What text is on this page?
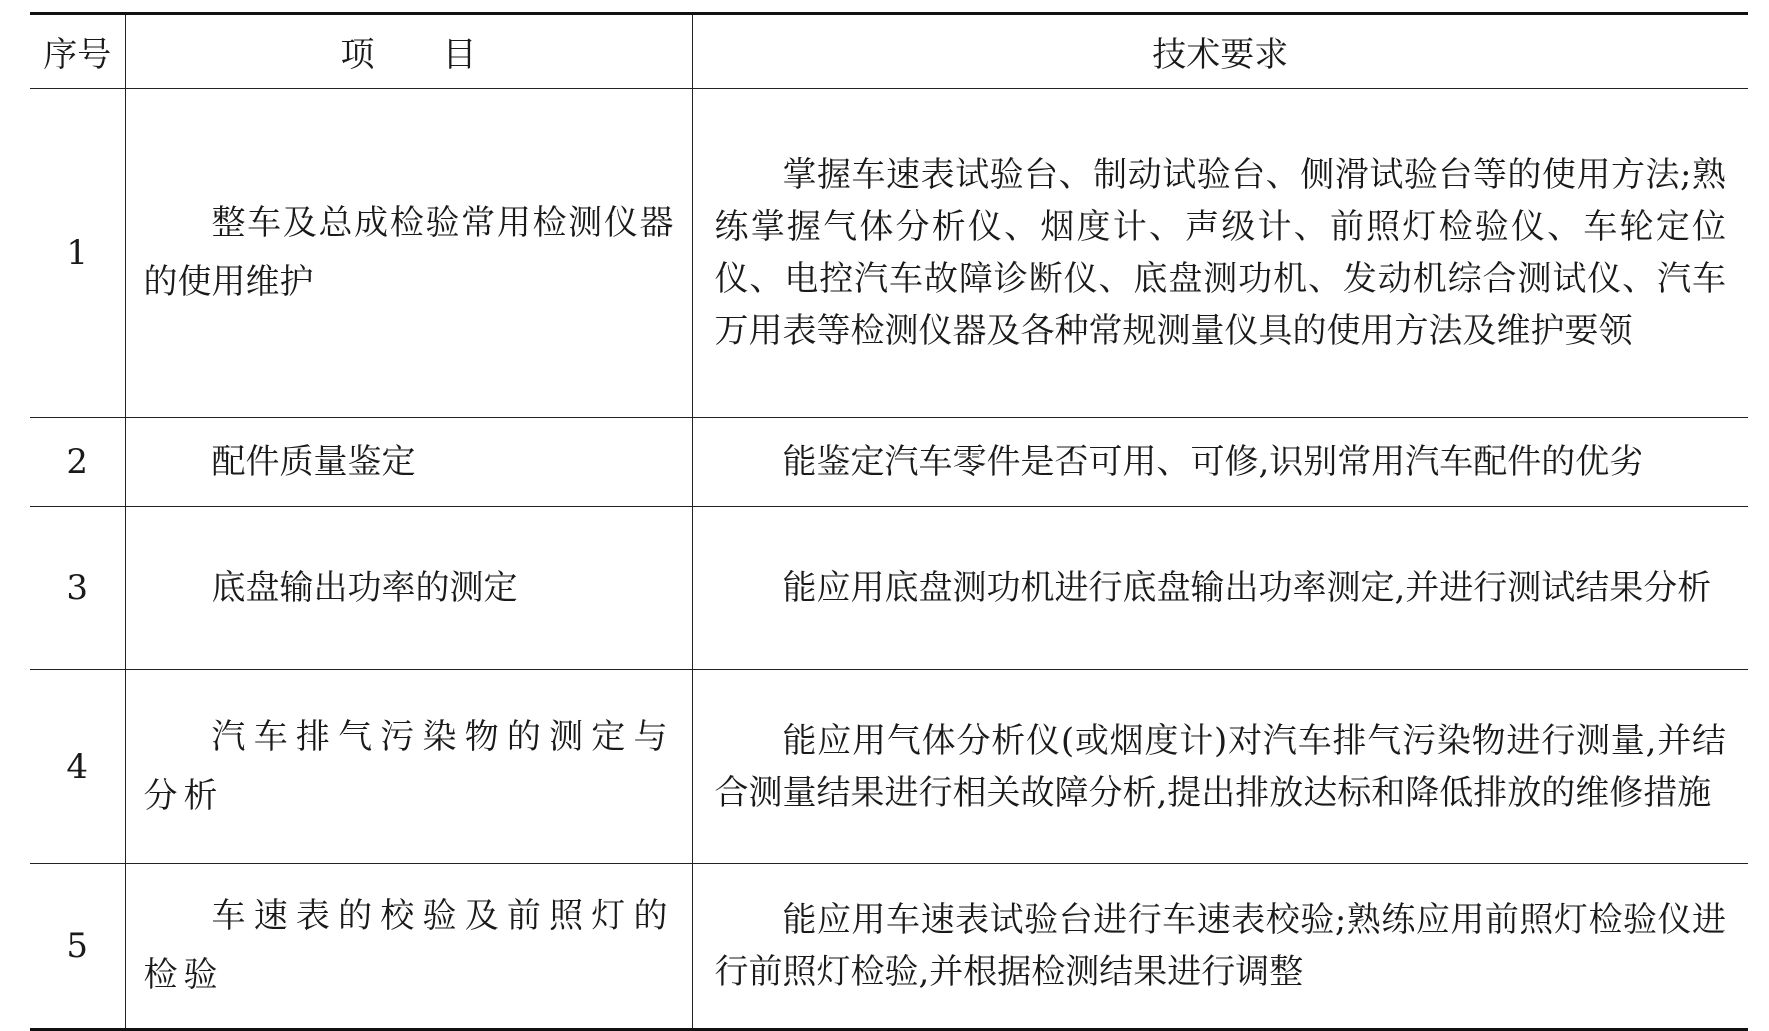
序号	项　　目	技术要求
1	整车及总成检验常用检测仪器的使用维护	掌握车速表试验台、制动试验台、侧滑试验台等的使用方法;熟练掌握气体分析仪、烟度计、声级计、前照灯检验仪、车轮定位仪、电控汽车故障诊断仪、底盘测功机、发动机综合测试仪、汽车万用表等检测仪器及各种常规测量仪具的使用方法及维护要领
2	配件质量鉴定	能鉴定汽车零件是否可用、可修,识别常用汽车配件的优劣
3	底盘输出功率的测定	能应用底盘测功机进行底盘输出功率测定,并进行测试结果分析
4	汽车排气污染物的测定与分析	能应用气体分析仪(或烟度计)对汽车排气污染物进行测量,并结合测量结果进行相关故障分析,提出排放达标和降低排放的维修措施
5	车速表的校验及前照灯的检验	能应用车速表试验台进行车速表校验;熟练应用前照灯检验仪进行前照灯检验,并根据检测结果进行调整
